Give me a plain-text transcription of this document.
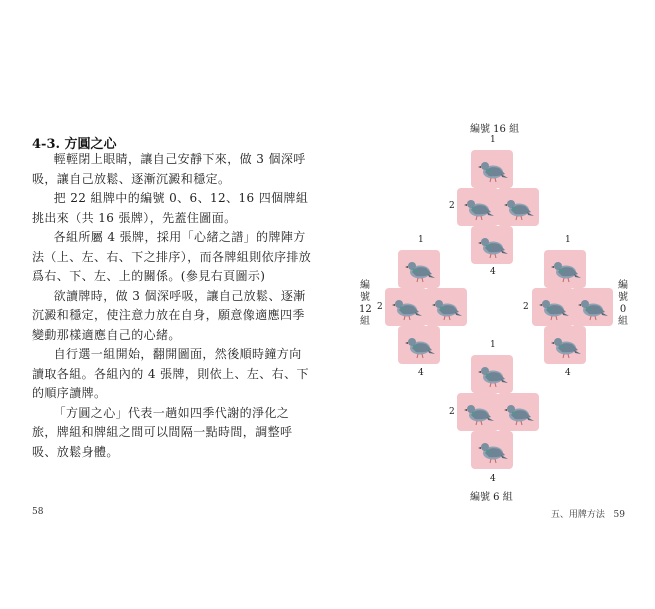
4-3. 方圓之心

輕輕閉上眼睛，讓自己安靜下來，做 3 個深呼吸，讓自己放鬆、逐漸沉澱和穩定。

把 22 組牌中的編號 0、6、12、16 四個牌組挑出來（共 16 張牌），先蓋住圖面。

各組所屬 4 張牌，採用「心緒之譜」的牌陣方法（上、左、右、下之排序），而各牌組則依序排放爲右、下、左、上的關係。(參見右頁圖示)

欲讀牌時，做 3 個深呼吸，讓自己放鬆、逐漸沉澱和穩定，使注意力放在自身，願意像適應四季變動那樣適應自己的心緒。

自行選一組開始，翻開圖面，然後順時鐘方向讀取各組。各組內的 4 張牌，則依上、左、右、下的順序讀牌。

「方圓之心」代表一趟如四季代謝的淨化之旅，牌組和牌組之間可以間隔一點時間，調整呼吸、放鬆身體。

58	五、用牌方法 59
編號 16 組
1
2
4
編號12組
1
2
4
編號0組
1
2
4
1
2
4
編號 6 組
